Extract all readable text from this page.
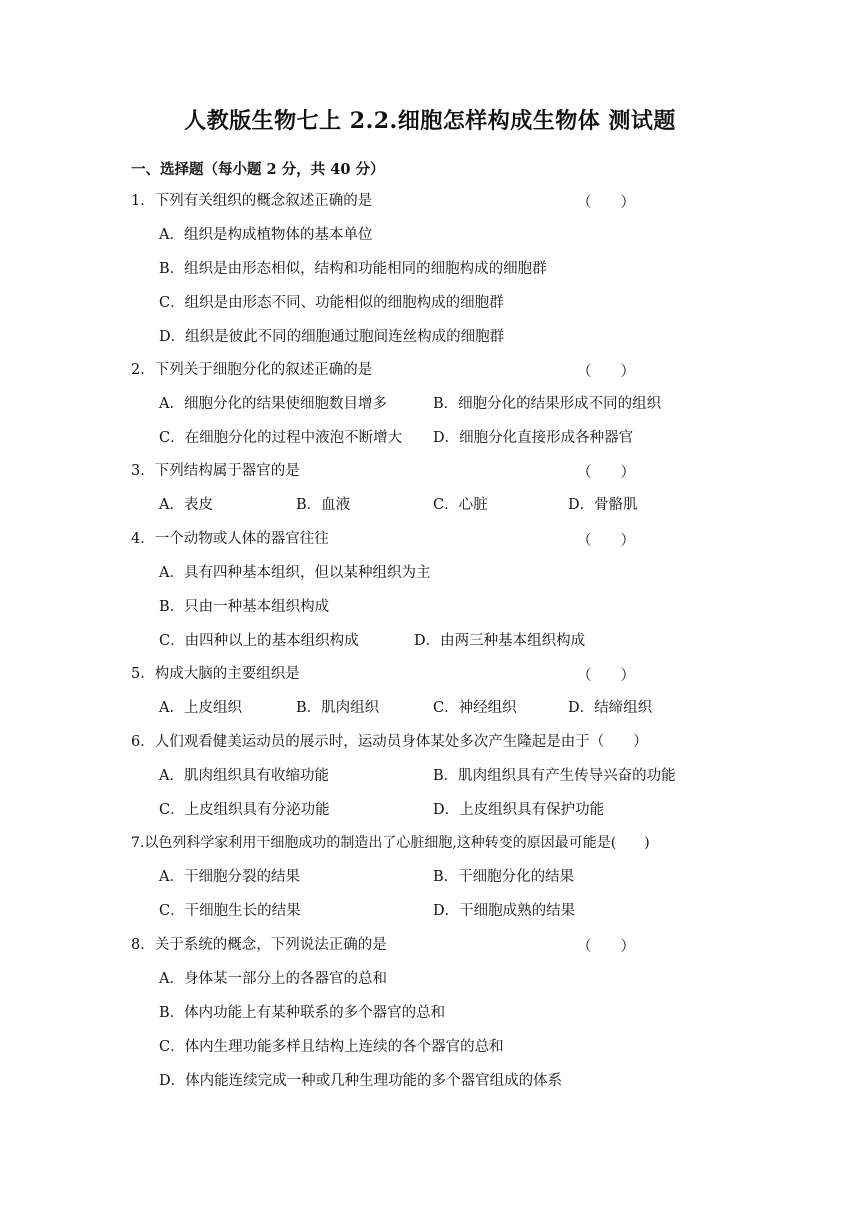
人教版生物七上 2.2.细胞怎样构成生物体 测试题
一、选择题（每小题 2 分，共 40 分）
1．下列有关组织的概念叙述正确的是	（　　）
A．组织是构成植物体的基本单位
B．组织是由形态相似，结构和功能相同的细胞构成的细胞群
C．组织是由形态不同、功能相似的细胞构成的细胞群
D．组织是彼此不同的细胞通过胞间连丝构成的细胞群
2．下列关于细胞分化的叙述正确的是	（　　）
A．细胞分化的结果使细胞数目增多	B．细胞分化的结果形成不同的组织
C．在细胞分化的过程中液泡不断增大 D．细胞分化直接形成各种器官
3．下列结构属于器官的是	（　　）
A．表皮	B．血液	C．心脏	D．骨骼肌
4．一个动物或人体的器官往往	（　　）
A．具有四种基本组织，但以某种组织为主
B．只由一种基本组织构成
C．由四种以上的基本组织构成	D．由两三种基本组织构成
5．构成大脑的主要组织是	（　　）
A．上皮组织	B．肌肉组织	C．神经组织	D．结缔组织
6．人们观看健美运动员的展示时，运动员身体某处多次产生隆起是由于（　　）
A．肌肉组织具有收缩功能	B．肌肉组织具有产生传导兴奋的功能
C．上皮组织具有分泌功能	D．上皮组织具有保护功能
7.以色列科学家利用干细胞成功的制造出了心脏细胞,这种转变的原因最可能是(　　)
A．干细胞分裂的结果	B．干细胞分化的结果
C．干细胞生长的结果	D．干细胞成熟的结果
8．关于系统的概念，下列说法正确的是	（　　）
A．身体某一部分上的各器官的总和
B．体内功能上有某种联系的多个器官的总和
C．体内生理功能多样且结构上连续的各个器官的总和
D．体内能连续完成一种或几种生理功能的多个器官组成的体系
